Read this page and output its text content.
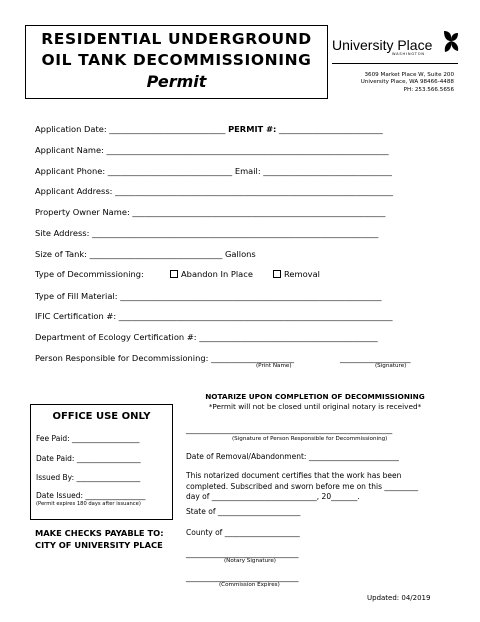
RESIDENTIAL UNDERGROUND
OIL TANK DECOMMISSIONING
Permit
University Place
WASHINGTON
3609 Market Place W, Suite 200
University Place, WA 98466-4488
PH: 253.566.5656
Application Date: ____________________________ PERMIT #: _________________________
Applicant Name: ____________________________________________________________________
Applicant Phone: ______________________________ Email: _______________________________
Applicant Address: ___________________________________________________________________
Property Owner Name: _____________________________________________________________
Site Address: _____________________________________________________________________
Size of Tank: ________________________________ Gallons
Type of Decommissioning:	Abandon In Place	Removal
Type of Fill Material: _______________________________________________________________
IFIC Certification #: __________________________________________________________________
Department of Ecology Certification #: ___________________________________________
Person Responsible for Decommissioning: ____________________	_________________
(Print Name)	(Signature)
OFFICE USE ONLY
Fee Paid: __________________
Date Paid: _________________
Issued By: _________________
Date Issued: ________________
(Permit expires 180 days after issuance)
MAKE CHECKS PAYABLE TO:
CITY OF UNIVERSITY PLACE
NOTARIZE UPON COMPLETION OF DECOMMISSIONING
*Permit will not be closed until original notary is received*
_______________________________________________________
(Signature of Person Responsible for Decommissioning)
Date of Removal/Abandonment: ________________________
This notarized document certifies that the work has been
completed. Subscribed and sworn before me on this _________
day of ____________________________, 20_______.
State of ______________________
County of ____________________
______________________________
(Notary Signature)
______________________________
(Commission Expires)
Updated: 04/2019
